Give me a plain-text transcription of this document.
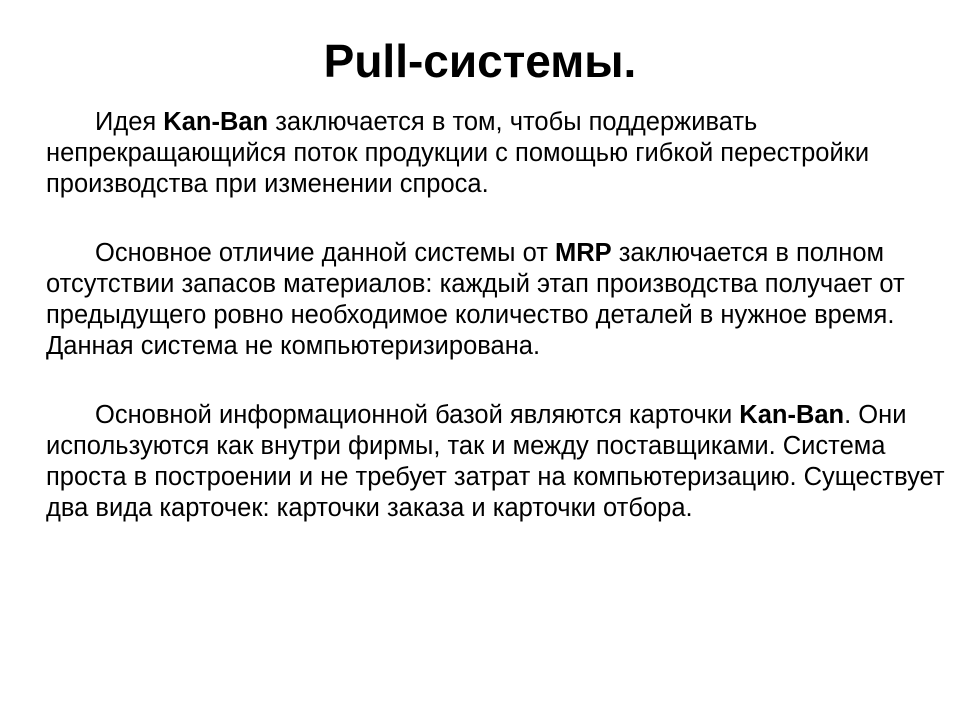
Pull-системы.

Идея Kan-Ban заключается в том, чтобы поддерживать непрекращающийся поток продукции с помощью гибкой перестройки производства при изменении спроса.

Основное отличие данной системы от MRP заключается в полном отсутствии запасов материалов: каждый этап производства получает от предыдущего ровно необходимое количество деталей в нужное время. Данная система не компьютеризирована.

Основной информационной базой являются карточки Kan-Ban. Они используются как внутри фирмы, так и между поставщиками. Система проста в построении и не требует затрат на компьютеризацию. Существует два вида карточек: карточки заказа и карточки отбора.
